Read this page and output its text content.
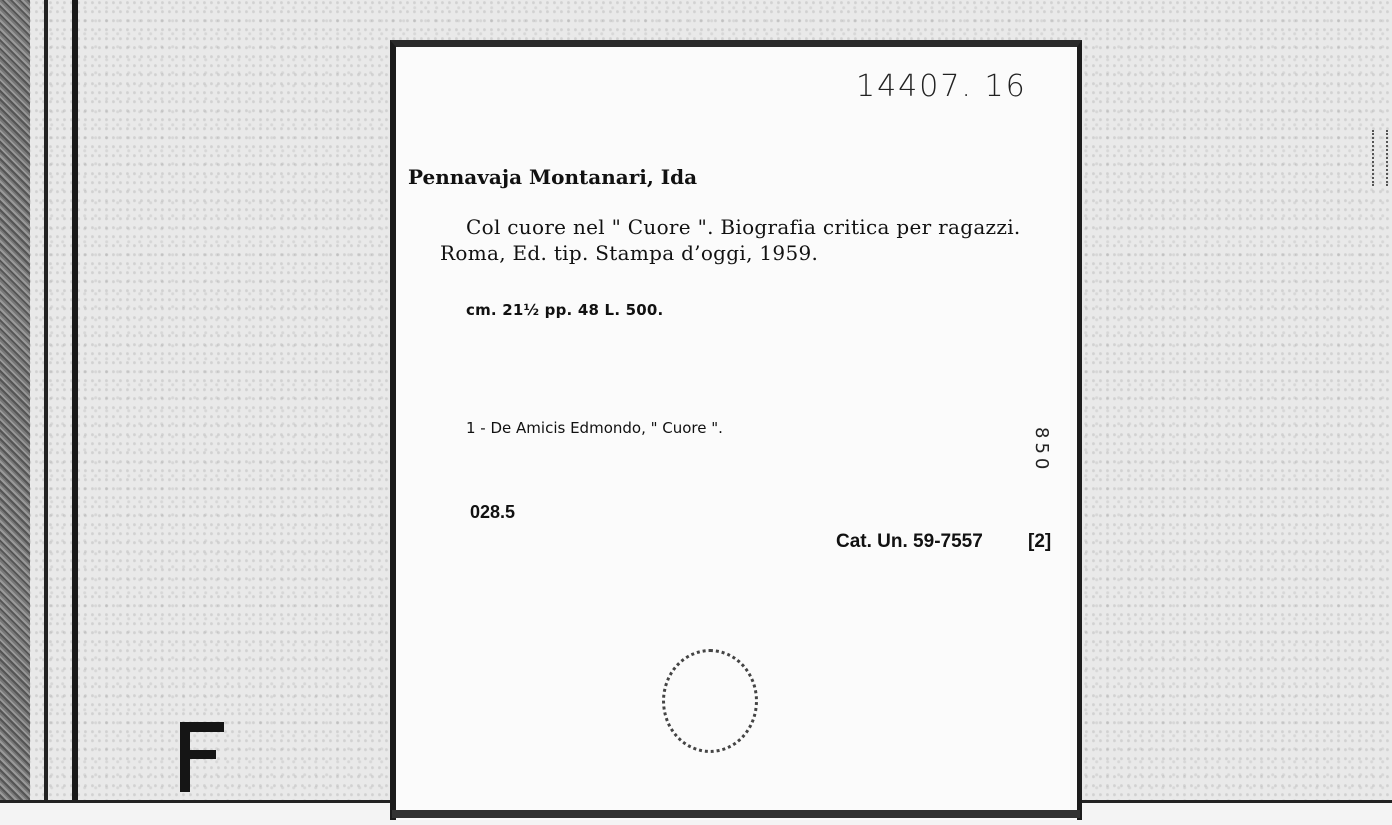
14407. 16
Pennavaja Montanari, Ida
Col cuore nel " Cuore ". Biografia critica per ragazzi.
Roma, Ed. tip. Stampa d’oggi, 1959.
cm. 21½ pp. 48 L. 500.
1 - De Amicis Edmondo, " Cuore ".	850
028.5
Cat. Un. 59-7557 [2]
F
